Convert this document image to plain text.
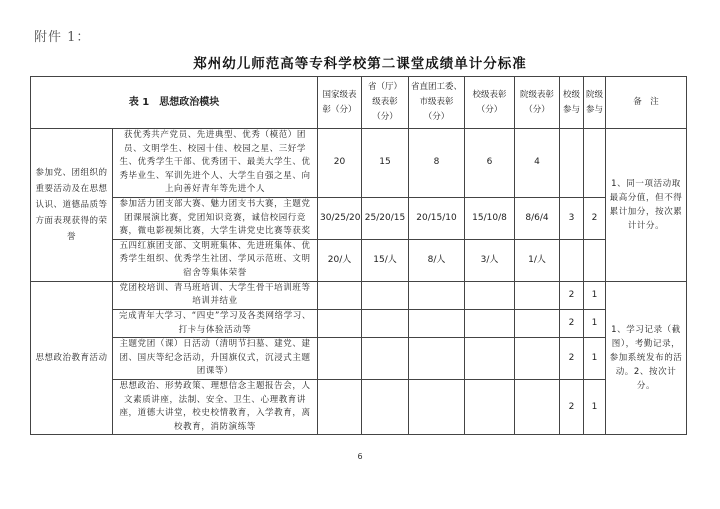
附件 1：
郑州幼儿师范高等专科学校第二课堂成绩单计分标准
表 1　思想政治模块		国家级表彰（分）	省（厅）级表彰（分）	省直团工委、市级表彰（分）	校级表彰（分）	院级表彰（分）	校级参与	院级参与	备　注
参加党、团组织的重要活动及在思想认识、道德品质等方面表现获得的荣誉	获优秀共产党员、先进典型、优秀（模范）团员、文明学生、校园十佳、校园之星、三好学生、优秀学生干部、优秀团干、最美大学生、优秀毕业生、军训先进个人、大学生自强之星、向上向善好青年等先进个人	20	15	8	6	4			1、同一项活动取最高分值，但不得累计加分，按次累计计分。
	参加活力团支部大赛、魅力团支书大赛，主题党团课展演比赛，党团知识竞赛，诚信校园行竞赛，微电影视频比赛，大学生讲党史比赛等获奖	30/25/20	25/20/15	20/15/10	15/10/8	8/6/4	3	2	
	五四红旗团支部、文明班集体、先进班集体、优秀学生组织、优秀学生社团、学风示范班、文明宿舍等集体荣誉	20/人	15/人	8/人	3/人	1/人			
思想政治教育活动	党团校培训、青马班培训、大学生骨干培训班等培训并结业						2	1	1、学习记录（截图），考勤记录，参加系统发布的活动。2、按次计分。
	完成青年大学习、“四史”学习及各类网络学习、打卡与体验活动等						2	1	
	主题党团（课）日活动（清明节扫墓、建党、建团、国庆等纪念活动，升国旗仪式，沉浸式主题团课等）						2	1	
	思想政治、形势政策、理想信念主题报告会，人文素质讲座，法制、安全、卫生、心理教育讲座，道德大讲堂，校史校情教育，入学教育，离校教育，消防演练等						2	1	
6
